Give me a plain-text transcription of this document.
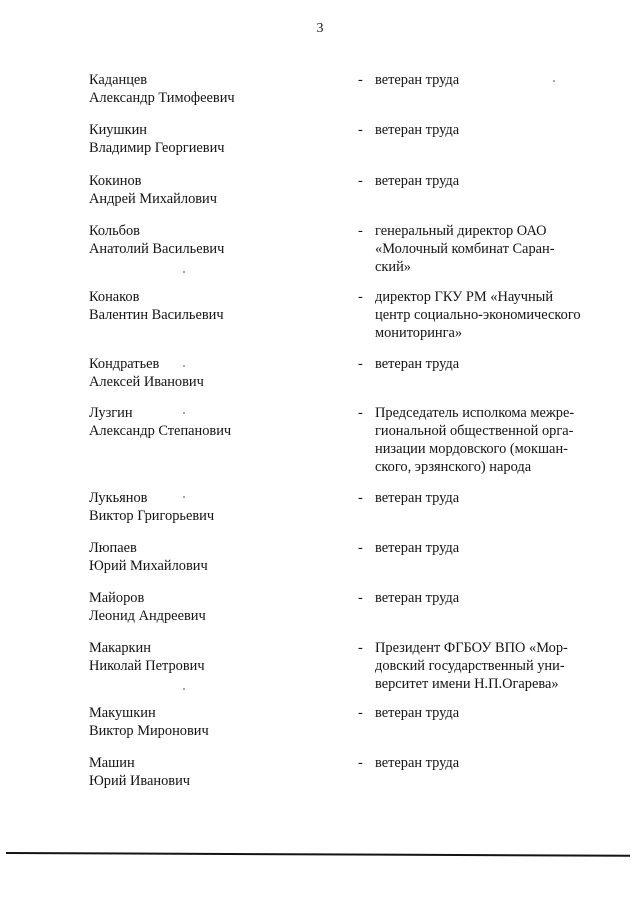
3
Каданцев
Александр Тимофеевич
- ветеран труда
Киушкин
Владимир Георгиевич
- ветеран труда
Кокинов
Андрей Михайлович
- ветеран труда
Кольбов
Анатолий Васильевич
- генеральный директор ОАО
«Молочный комбинат Саран-
ский»
Конаков
Валентин Васильевич
- директор ГКУ РМ «Научный
центр социально-экономического
мониторинга»
Кондратьев
Алексей Иванович
- ветеран труда
Лузгин
Александр Степанович
- Председатель исполкома межре-
гиональной общественной орга-
низации мордовского (мокшан-
ского, эрзянского) народа
Лукьянов
Виктор Григорьевич
- ветеран труда
Люпаев
Юрий Михайлович
- ветеран труда
Майоров
Леонид Андреевич
- ветеран труда
Макаркин
Николай Петрович
- Президент ФГБОУ ВПО «Мор-
довский государственный уни-
верситет имени Н.П.Огарева»
Макушкин
Виктор Миронович
- ветеран труда
Машин
Юрий Иванович
- ветеран труда
